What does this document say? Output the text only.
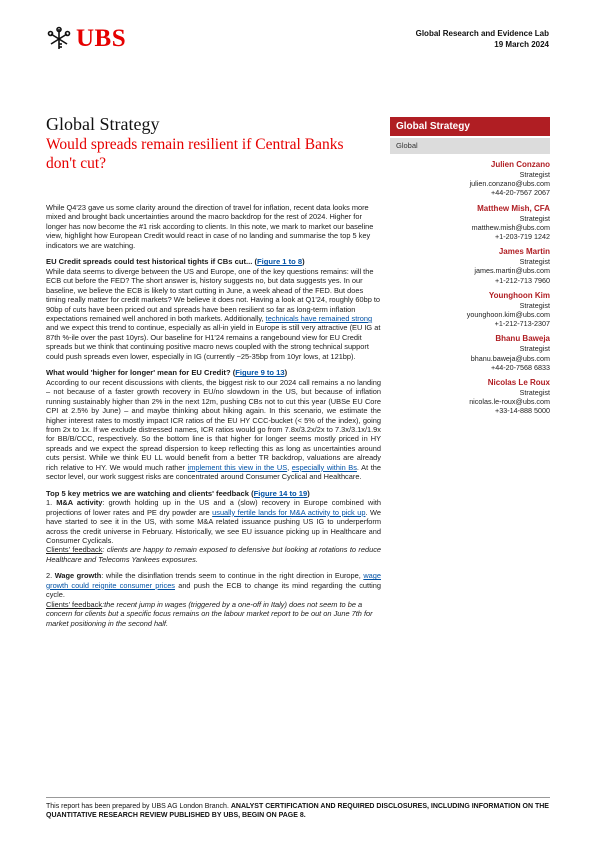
UBS	Global Research and Evidence Lab
19 March 2024
Global Strategy
Would spreads remain resilient if Central Banks don't cut?
Global Strategy
Global
Julien Conzano
Strategist
julien.conzano@ubs.com
+44-20-7567 2067
Matthew Mish, CFA
Strategist
matthew.mish@ubs.com
+1-203-719 1242
James Martin
Strategist
james.martin@ubs.com
+1-212-713 7960
Younghoon Kim
Strategist
younghoon.kim@ubs.com
+1-212-713-2307
Bhanu Baweja
Strategist
bhanu.baweja@ubs.com
+44-20-7568 6833
Nicolas Le Roux
Strategist
nicolas.le-roux@ubs.com
+33-14-888 5000

While Q4'23 gave us some clarity around the direction of travel for inflation, recent data looks more mixed and brought back uncertainties around the macro backdrop for the rest of 2024. Higher for longer has now become the #1 risk according to clients. In this note, we mark to market our baseline view, highlight how European Credit would react in case of no landing and summarise the top 5 key indicators we are watching.

EU Credit spreads could test historical tights if CBs cut... (Figure 1 to 8)

While data seems to diverge between the US and Europe, one of the key questions remains: will the ECB cut before the FED? The short answer is, history suggests no, but data suggests yes. In our baseline, we believe the ECB is likely to start cutting in June, a week ahead of the FED. But does timing really matter for credit markets? We believe it does not. Having a look at Q1'24, roughly 60bp to 90bp of cuts have been priced out and spreads have been resilient so far as long-term inflation expectations remained well anchored in both markets. Additionally, technicals have remained strong and we expect this trend to continue, especially as all-in yield in Europe is still very attractive (EU IG at 87th %-ile over the past 10yrs). Our baseline for H1'24 remains a rangebound view for EU Credit spreads but we think that continuing positive macro news coupled with the strong technical support could push spreads even lower, especially in IG (currently ~25-35bp from 10yr lows, at 121bp).

What would 'higher for longer' mean for EU Credit? (Figure 9 to 13)

According to our recent discussions with clients, the biggest risk to our 2024 call remains a no landing – not because of a faster growth recovery in EU/no slowdown in the US, but because of inflation running sustainably higher than 2% in the next 12m, pushing CBs not to cut this year (UBSe EU Core CPI at 2.5% by June) – and maybe thinking about hiking again. In this scenario, we estimate the higher interest rates to mostly impact ICR ratios of the EU HY CCC-bucket (< 5% of the index), going from 2x to 1x. If we exclude distressed names, ICR ratios would go from 7.8x/3.2x/2x to 7.3x/3.1x/1.9x for BB/B/CCC, respectively. So the bottom line is that higher for longer seems mostly priced in HY spreads and we expect the spread dispersion to keep reflecting this as long as uncertainties around cuts persist. While we think EU LL would benefit from a better TR backdrop, valuations are already rich relative to HY. We would much rather implement this view in the US, especially within Bs. At the sector level, our work suggest risks are concentrated around Consumer Cyclical and Healthcare.

Top 5 key metrics we are watching and clients' feedback (Figure 14 to 19)

1. M&A activity: growth holding up in the US and a (slow) recovery in Europe combined with projections of lower rates and PE dry powder are usually fertile lands for M&A activity to pick up. We have started to see it in the US, with some M&A related issuance pushing US IG to underperform across the credit universe in February. Historically, we see EU issuance picking up in Healthcare and Consumer Cyclicals.

Clients' feedback: clients are happy to remain exposed to defensive but looking at rotations to reduce Healthcare and Telecoms Yankees exposures.

2. Wage growth: while the disinflation trends seem to continue in the right direction in Europe, wage growth could reignite consumer prices and push the ECB to change its mind regarding the cutting cycle.

Clients' feedback:the recent jump in wages (triggered by a one-off in Italy) does not seem to be a concern for clients but a specific focus remains on the labour market report to be out on June 7th for market positioning in the second half.

This report has been prepared by UBS AG London Branch. ANALYST CERTIFICATION AND REQUIRED DISCLOSURES, INCLUDING INFORMATION ON THE QUANTITATIVE RESEARCH REVIEW PUBLISHED BY UBS, BEGIN ON PAGE 8.
